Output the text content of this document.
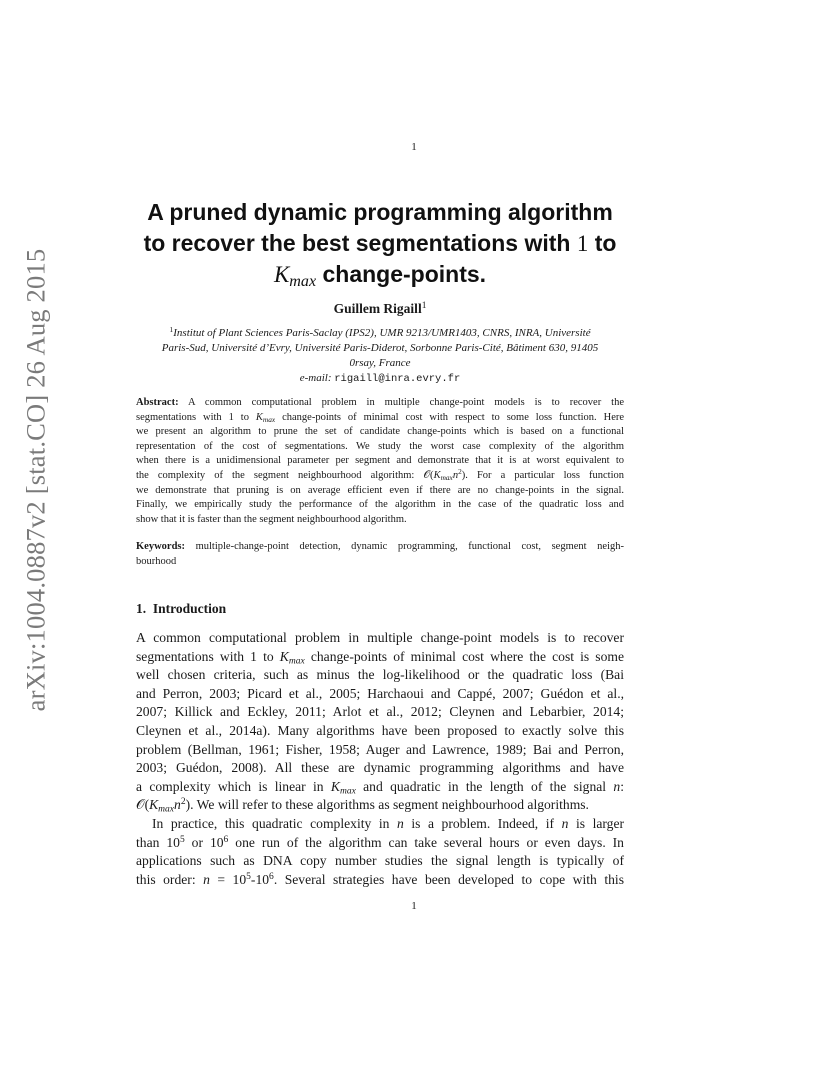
arXiv:1004.0887v2 [stat.CO] 26 Aug 2015
1
A pruned dynamic programming algorithm
to recover the best segmentations with 1 to
$K_{max}$ change-points.
Guillem Rigaill$^1$
$^1$Institut of Plant Sciences Paris-Saclay (IPS2), UMR 9213/UMR1403, CNRS, INRA, Université
Paris-Sud, Université d’Evry, Université Paris-Diderot, Sorbonne Paris-Cité, Bâtiment 630, 91405
0rsay, France
e-mail: rigaill@inra.evry.fr
Abstract: A common computational problem in multiple change-point models is to recover the
segmentations with 1 to $K_{max}$ change-points of minimal cost with respect to some loss function. Here
we present an algorithm to prune the set of candidate change-points which is based on a functional
representation of the cost of segmentations. We study the worst case complexity of the algorithm
when there is a unidimensional parameter per segment and demonstrate that it is at worst equivalent to
the complexity of the segment neighbourhood algorithm: $𝒪(K_{max}n^2)$. For a particular loss function
we demonstrate that pruning is on average efficient even if there are no change-points in the signal.
Finally, we empirically study the performance of the algorithm in the case of the quadratic loss and
show that it is faster than the segment neighbourhood algorithm.
Keywords: multiple-change-point detection, dynamic programming, functional cost, segment neigh-
bourhood
1. Introduction
A common computational problem in multiple change-point models is to recover
segmentations with 1 to $K_{max}$ change-points of minimal cost where the cost is some
well chosen criteria, such as minus the log-likelihood or the quadratic loss (Bai
and Perron, 2003; Picard et al., 2005; Harchaoui and Cappé, 2007; Guédon et al.,
2007; Killick and Eckley, 2011; Arlot et al., 2012; Cleynen and Lebarbier, 2014;
Cleynen et al., 2014a). Many algorithms have been proposed to exactly solve this
problem (Bellman, 1961; Fisher, 1958; Auger and Lawrence, 1989; Bai and Perron,
2003; Guédon, 2008). All these are dynamic programming algorithms and have
a complexity which is linear in $K_{max}$ and quadratic in the length of the signal n:
$𝒪(K_{max}n^2)$. We will refer to these algorithms as segment neighbourhood algorithms.
In practice, this quadratic complexity in n is a problem. Indeed, if n is larger
than $10^5$ or $10^6$ one run of the algorithm can take several hours or even days. In
applications such as DNA copy number studies the signal length is typically of
this order: $n = 10^5-10^6$. Several strategies have been developed to cope with this
1
